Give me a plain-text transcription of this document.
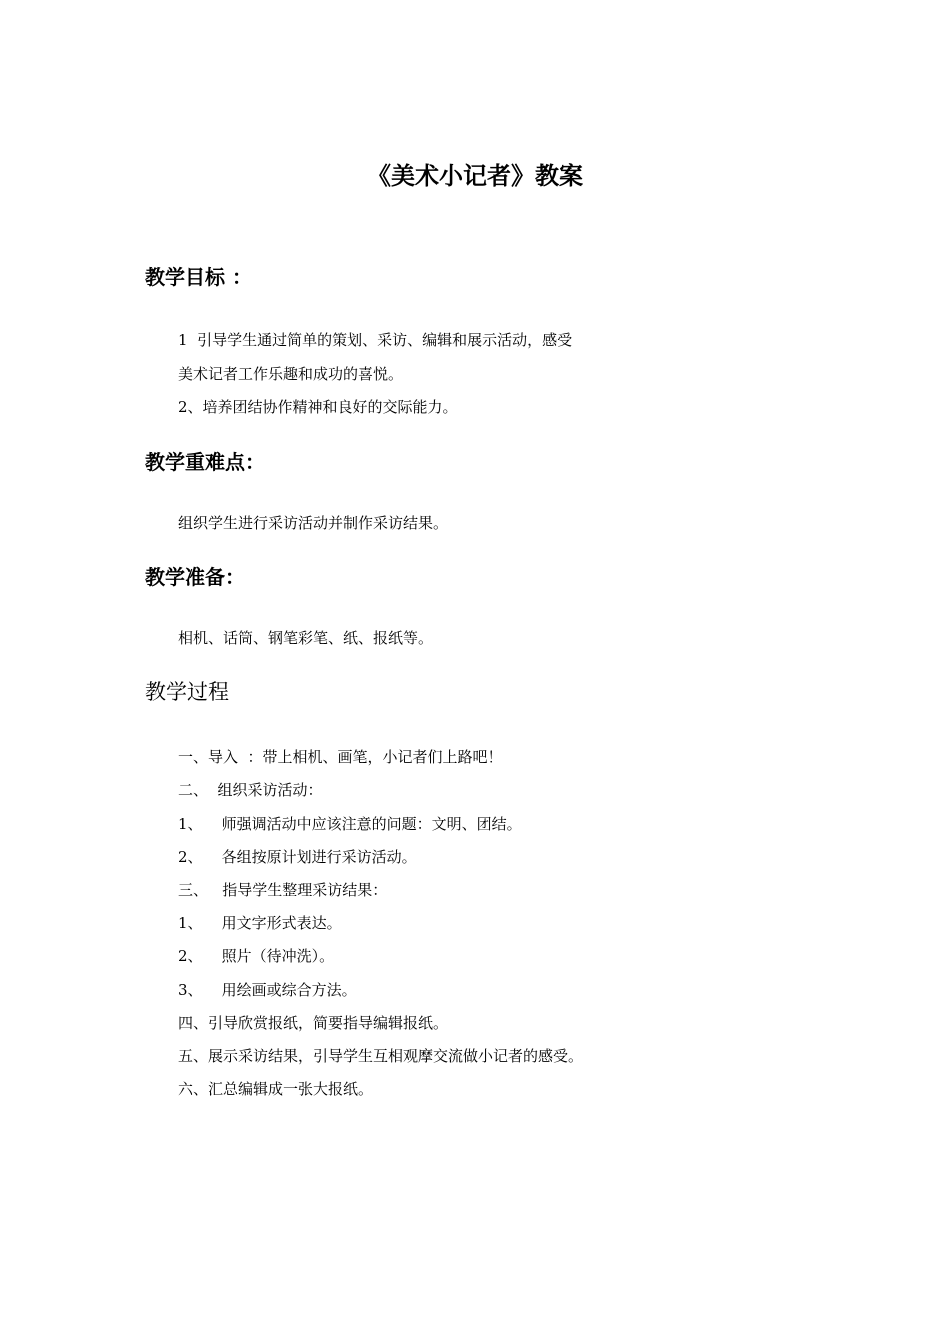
《美术小记者》教案
教学目标 ：
1  引导学生通过简单的策划、采访、编辑和展示活动，感受
美术记者工作乐趣和成功的喜悦。
2、培养团结协作精神和良好的交际能力。
教学重难点：
组织学生进行采访活动并制作采访结果。
教学准备：
相机、话筒、钢笔彩笔、纸、报纸等。
教学过程
一、导入  ：带上相机、画笔，小记者们上路吧！
二、  组织采访活动：
1、    师强调活动中应该注意的问题：文明、团结。
2、    各组按原计划进行采访活动。
三、   指导学生整理采访结果：
1、    用文字形式表达。
2、    照片（待冲洗）。
3、    用绘画或综合方法。
四、引导欣赏报纸，简要指导编辑报纸。
五、展示采访结果，引导学生互相观摩交流做小记者的感受。
六、汇总编辑成一张大报纸。
